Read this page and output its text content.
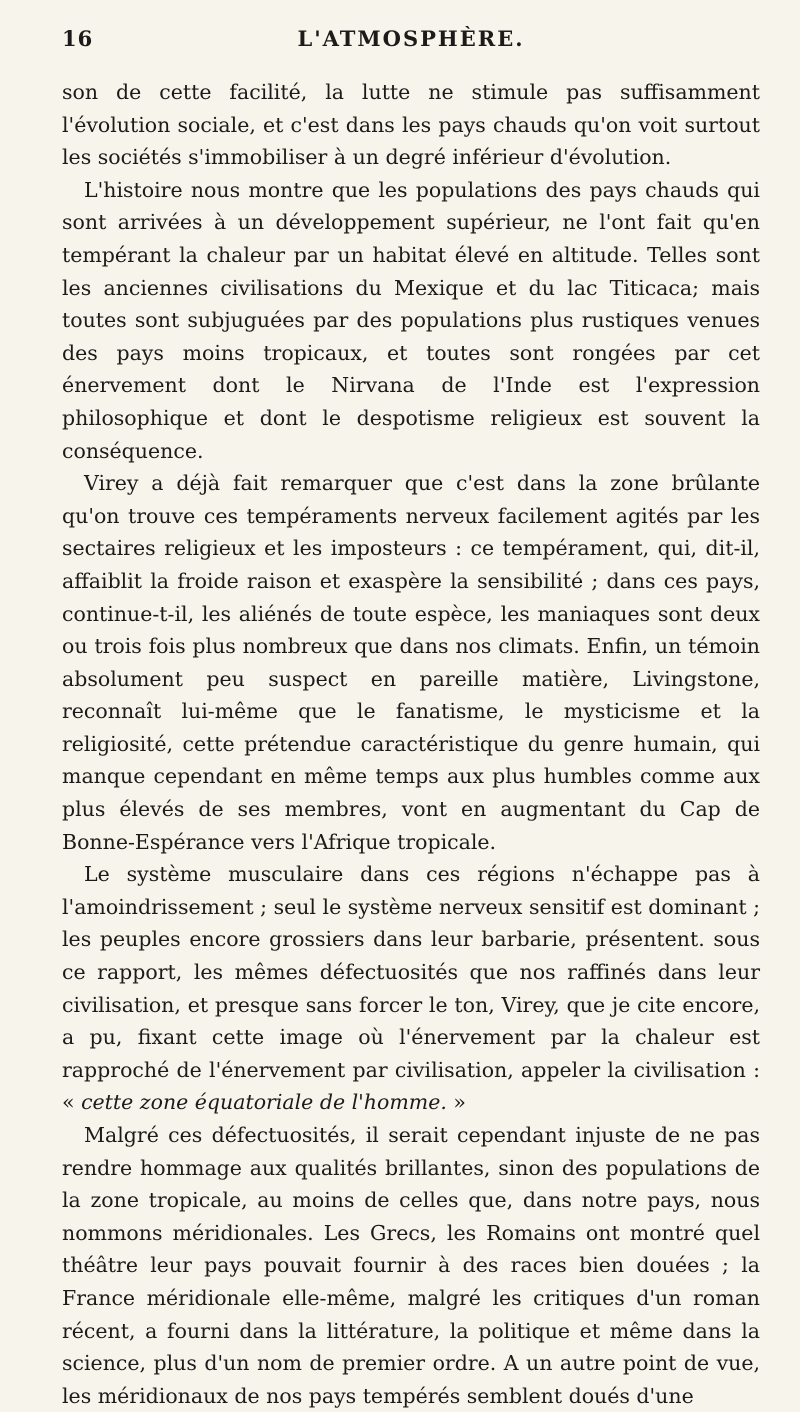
16	L'ATMOSPHÈRE.

son de cette facilité, la lutte ne stimule pas suffisamment l'évolution sociale, et c'est dans les pays chauds qu'on voit surtout les sociétés s'immobiliser à un degré inférieur d'évolution.

L'histoire nous montre que les populations des pays chauds qui sont arrivées à un développement supérieur, ne l'ont fait qu'en tempérant la chaleur par un habitat élevé en altitude. Telles sont les anciennes civilisations du Mexique et du lac Titicaca; mais toutes sont subjuguées par des populations plus rustiques venues des pays moins tropicaux, et toutes sont rongées par cet énervement dont le Nirvana de l'Inde est l'expression philosophique et dont le despotisme religieux est souvent la conséquence.

Virey a déjà fait remarquer que c'est dans la zone brûlante qu'on trouve ces tempéraments nerveux facilement agités par les sectaires religieux et les imposteurs : ce tempérament, qui, dit-il, affaiblit la froide raison et exaspère la sensibilité ; dans ces pays, continue-t-il, les aliénés de toute espèce, les maniaques sont deux ou trois fois plus nombreux que dans nos climats. Enfin, un témoin absolument peu suspect en pareille matière, Livingstone, reconnaît lui-même que le fanatisme, le mysticisme et la religiosité, cette prétendue caractéristique du genre humain, qui manque cependant en même temps aux plus humbles comme aux plus élevés de ses membres, vont en augmentant du Cap de Bonne-Espérance vers l'Afrique tropicale.

Le système musculaire dans ces régions n'échappe pas à l'amoindrissement ; seul le système nerveux sensitif est dominant ; les peuples encore grossiers dans leur barbarie, présentent. sous ce rapport, les mêmes défectuosités que nos raffinés dans leur civilisation, et presque sans forcer le ton, Virey, que je cite encore, a pu, fixant cette image où l'énervement par la chaleur est rapproché de l'énervement par civilisation, appeler la civilisation : « cette zone équatoriale de l'homme. »

Malgré ces défectuosités, il serait cependant injuste de ne pas rendre hommage aux qualités brillantes, sinon des populations de la zone tropicale, au moins de celles que, dans notre pays, nous nommons méridionales. Les Grecs, les Romains ont montré quel théâtre leur pays pouvait fournir à des races bien douées ; la France méridionale elle-même, malgré les critiques d'un roman récent, a fourni dans la littérature, la politique et même dans la science, plus d'un nom de premier ordre. A un autre point de vue, les méridionaux de nos pays tempérés semblent doués d'une
